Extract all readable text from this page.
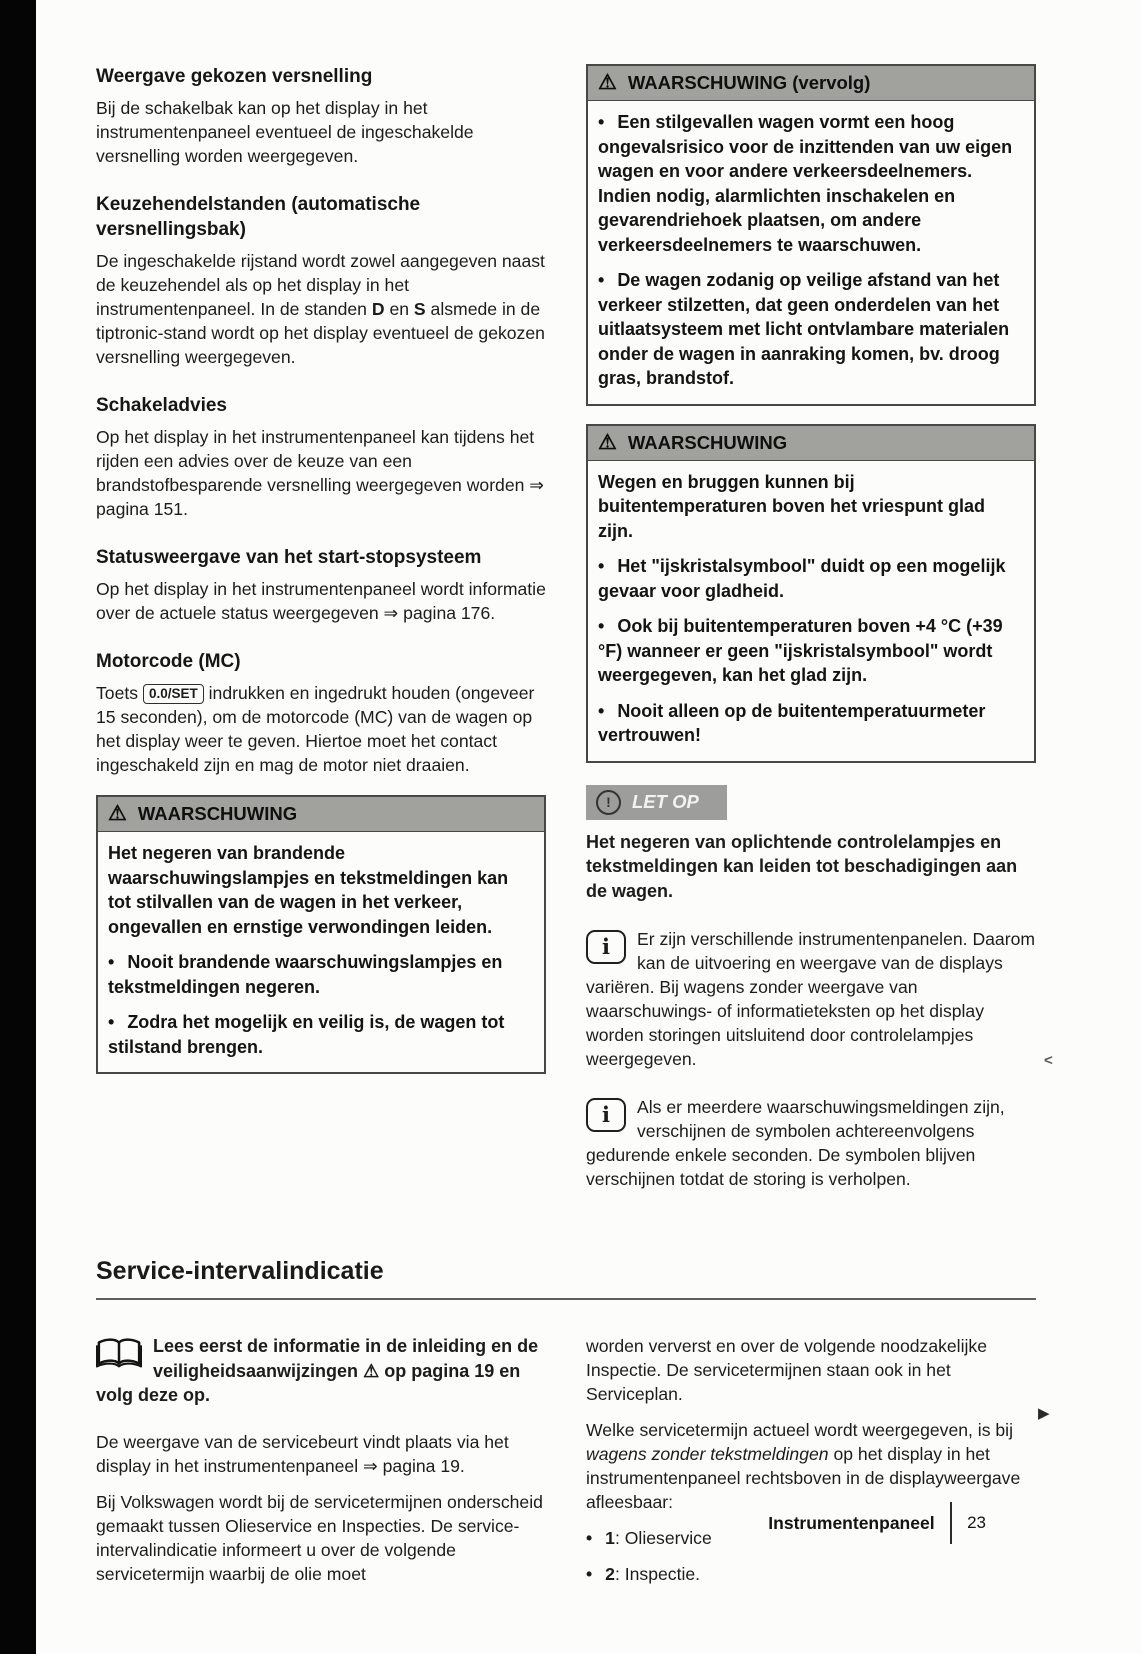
Weergave gekozen versnelling

Bij de schakelbak kan op het display in het instrumentenpaneel eventueel de ingeschakelde versnelling worden weergegeven.

Keuzehendelstanden (automatische versnellingsbak)

De ingeschakelde rijstand wordt zowel aangegeven naast de keuzehendel als op het display in het instrumentenpaneel. In de standen D en S alsmede in de tiptronic-stand wordt op het display eventueel de gekozen versnelling weergegeven.

Schakeladvies

Op het display in het instrumentenpaneel kan tijdens het rijden een advies over de keuze van een brandstofbesparende versnelling weergegeven worden ⇒ pagina 151.

Statusweergave van het start-stopsysteem

Op het display in het instrumentenpaneel wordt informatie over de actuele status weergegeven ⇒ pagina 176.

Motorcode (MC)

Toets 0.0/SET indrukken en ingedrukt houden (ongeveer 15 seconden), om de motorcode (MC) van de wagen op het display weer te geven. Hiertoe moet het contact ingeschakeld zijn en mag de motor niet draaien.

⚠ WAARSCHUWING

Het negeren van brandende waarschuwingslampjes en tekstmeldingen kan tot stilvallen van de wagen in het verkeer, ongevallen en ernstige verwondingen leiden.

• Nooit brandende waarschuwingslampjes en tekstmeldingen negeren.

• Zodra het mogelijk en veilig is, de wagen tot stilstand brengen.

⚠ WAARSCHUWING (vervolg)

• Een stilgevallen wagen vormt een hoog ongevalsrisico voor de inzittenden van uw eigen wagen en voor andere verkeersdeelnemers. Indien nodig, alarmlichten inschakelen en gevarendriehoek plaatsen, om andere verkeersdeelnemers te waarschuwen.

• De wagen zodanig op veilige afstand van het verkeer stilzetten, dat geen onderdelen van het uitlaatsysteem met licht ontvlambare materialen onder de wagen in aanraking komen, bv. droog gras, brandstof.

⚠ WAARSCHUWING

Wegen en bruggen kunnen bij buitentemperaturen boven het vriespunt glad zijn.

• Het "ijskristalsymbool" duidt op een mogelijk gevaar voor gladheid.

• Ook bij buitentemperaturen boven +4 °C (+39 °F) wanneer er geen "ijskristalsymbool" wordt weergegeven, kan het glad zijn.

• Nooit alleen op de buitentemperatuurmeter vertrouwen!

!	LET OP

Het negeren van oplichtende controlelampjes en tekstmeldingen kan leiden tot beschadigingen aan de wagen.

i	Er zijn verschillende instrumentenpanelen. Daarom kan de uitvoering en weergave van de displays variëren. Bij wagens zonder weergave van waarschuwings- of informatieteksten op het display worden storingen uitsluitend door controlelampjes weergegeven.
i	Als er meerdere waarschuwingsmeldingen zijn, verschijnen de symbolen achtereenvolgens gedurende enkele seconden. De symbolen blijven verschijnen totdat de storing is verholpen.
Service-intervalindicatie
Lees eerst de informatie in de inleiding en de veiligheidsaanwijzingen ⚠ op pagina 19 en volg deze op.

De weergave van de servicebeurt vindt plaats via het display in het instrumentenpaneel ⇒ pagina 19.

Bij Volkswagen wordt bij de servicetermijnen onderscheid gemaakt tussen Olieservice en Inspecties. De service-intervalindicatie informeert u over de volgende servicetermijn waarbij de olie moet

worden ververst en over de volgende noodzakelijke Inspectie. De servicetermijnen staan ook in het Serviceplan.

Welke servicetermijn actueel wordt weergegeven, is bij wagens zonder tekstmeldingen op het display in het instrumentenpaneel rechtsboven in de displayweergave afleesbaar:

• 1: Olieservice

• 2: Inspectie.

<
▶
Instrumentenpaneel 23
